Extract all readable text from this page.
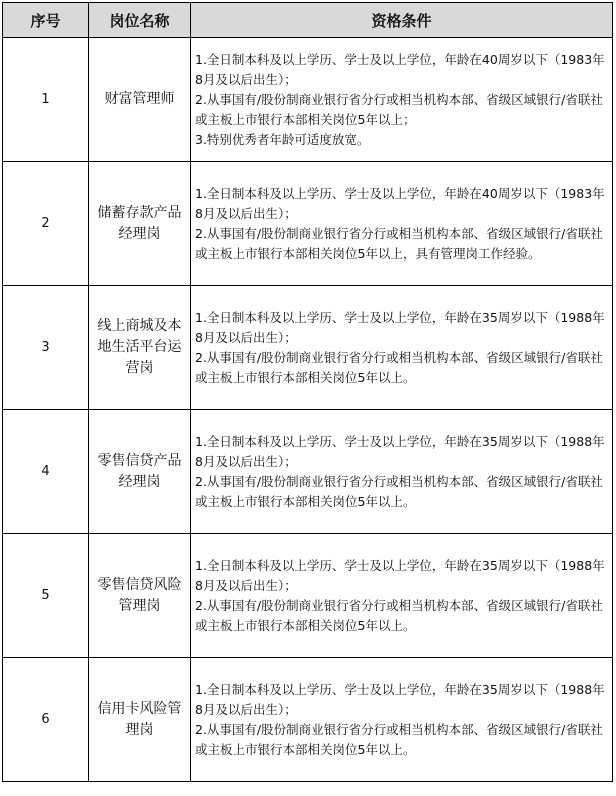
序号	岗位名称	资格条件
1	财富管理师	1.全日制本科及以上学历、学士及以上学位，年龄在40周岁以下（1983年8月及以后出生）；
2.从事国有/股份制商业银行省分行或相当机构本部、省级区域银行/省联社或主板上市银行本部相关岗位5年以上；
3.特别优秀者年龄可适度放宽。

2	储蓄存款产品经理岗	1.全日制本科及以上学历、学士及以上学位，年龄在40周岁以下（1983年8月及以后出生）；
2.从事国有/股份制商业银行省分行或相当机构本部、省级区域银行/省联社或主板上市银行本部相关岗位5年以上，具有管理岗工作经验。

3	线上商城及本地生活平台运营岗	1.全日制本科及以上学历、学士及以上学位，年龄在35周岁以下（1988年8月及以后出生）；
2.从事国有/股份制商业银行省分行或相当机构本部、省级区域银行/省联社或主板上市银行本部相关岗位5年以上。

4	零售信贷产品经理岗	1.全日制本科及以上学历、学士及以上学位，年龄在35周岁以下（1988年8月及以后出生）；
2.从事国有/股份制商业银行省分行或相当机构本部、省级区域银行/省联社或主板上市银行本部相关岗位5年以上。

5	零售信贷风险管理岗	1.全日制本科及以上学历、学士及以上学位，年龄在35周岁以下（1988年8月及以后出生）；
2.从事国有/股份制商业银行省分行或相当机构本部、省级区域银行/省联社或主板上市银行本部相关岗位5年以上。

6	信用卡风险管理岗	1.全日制本科及以上学历、学士及以上学位，年龄在35周岁以下（1988年8月及以后出生）；
2.从事国有/股份制商业银行省分行或相当机构本部、省级区域银行/省联社或主板上市银行本部相关岗位5年以上。
